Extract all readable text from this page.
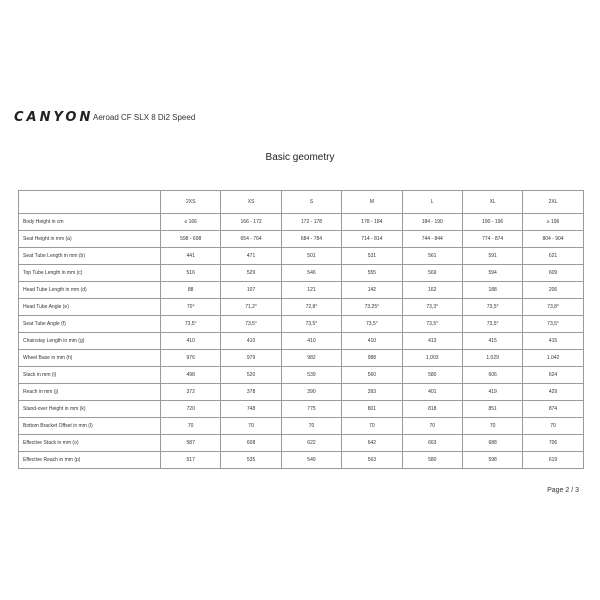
CANYON Aeroad CF SLX 8 Di2 Speed
Basic geometry
	2XS	XS	S	M	L	XL	2XL
Body Height in cm	≤ 166	166 - 172	172 - 178	178 - 184	184 - 190	190 - 196	≥ 196
Seat Height in mm (a)	598 - 698	654 - 764	684 - 784	714 - 814	744 - 844	774 - 874	804 - 904
Seat Tube Length in mm (b)	441	471	501	531	561	591	621
Top Tube Length in mm (c)	516	529	546	555	569	594	609
Head Tube Length in mm (d)	88	107	121	142	162	188	206
Head Tube Angle (e)	70°	71,2°	72,8°	73.25°	73,3°	73,5°	73,8°
Seat Tube Angle (f)	73,5°	73,5°	73,5°	73,5°	73,5°	73,5°	73,5°
Chainstay Length in mm (g)	410	410	410	410	413	415	415
Wheel Base in mm (h)	976	979	982	988	1.003	1.029	1.042
Stack in mm (i)	498	520	539	560	580	606	624
Reach in mm (j)	372	378	390	393	401	419	429
Stand-over Height in mm (k)	720	748	775	801	818	851	874
Bottom Bracket Offset in mm (l)	70	70	70	70	70	70	70
Effective Stack in mm (o)	587	608	622	642	663	688	706
Effective Reach in mm (p)	517	535	549	563	580	598	619
Page 2 / 3
